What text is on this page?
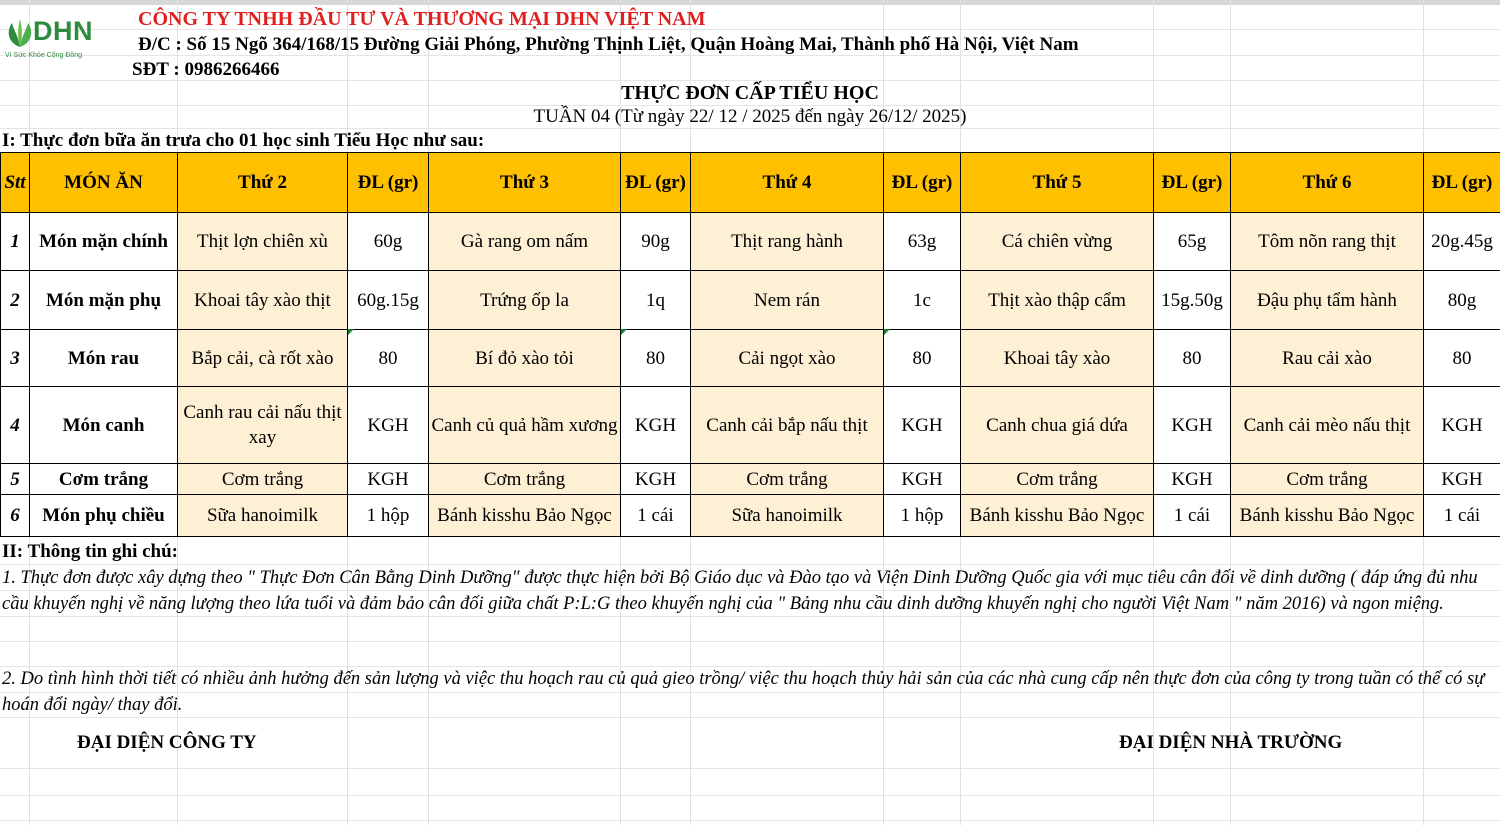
DHN
Vì Sức Khỏe Cộng Đồng
CÔNG TY TNHH ĐẦU TƯ VÀ THƯƠNG MẠI DHN VIỆT NAM
Đ/C : Số 15 Ngõ 364/168/15 Đường Giải Phóng, Phường Thịnh Liệt, Quận Hoàng Mai, Thành phố Hà Nội, Việt Nam
SĐT : 0986266466
THỰC ĐƠN CẤP TIỂU HỌC
TUẦN 04 (Từ ngày 22/ 12 / 2025 đến ngày 26/12/ 2025)
I: Thực đơn bữa ăn trưa cho 01 học sinh Tiểu Học như sau:
Stt	MÓN ĂN	Thứ 2	ĐL (gr)	Thứ 3	ĐL (gr)	Thứ 4	ĐL (gr)	Thứ 5	ĐL (gr)	Thứ 6	ĐL (gr)
1	Món mặn chính	Thịt lợn chiên xù	60g	Gà rang om nấm	90g	Thịt rang hành	63g	Cá chiên vừng	65g	Tôm nõn rang thịt	20g.45g
2	Món mặn phụ	Khoai tây xào thịt	60g.15g	Trứng ốp la	1q	Nem rán	1c	Thịt xào thập cẩm	15g.50g	Đậu phụ tẩm hành	80g
3	Món rau	Bắp cải, cà rốt xào	80	Bí đỏ xào tỏi	80	Cải ngọt xào	80	Khoai tây xào	80	Rau cải xào	80
4	Món canh	Canh rau cải nấu thịt xay	KGH	Canh củ quả hầm xương	KGH	Canh cải bắp nấu thịt	KGH	Canh chua giá dứa	KGH	Canh cải mèo nấu thịt	KGH
5	Cơm trắng	Cơm trắng	KGH	Cơm trắng	KGH	Cơm trắng	KGH	Cơm trắng	KGH	Cơm trắng	KGH
6	Món phụ chiều	Sữa hanoimilk	1 hộp	Bánh kisshu Bảo Ngọc	1 cái	Sữa hanoimilk	1 hộp	Bánh kisshu Bảo Ngọc	1 cái	Bánh kisshu Bảo Ngọc	1 cái
II: Thông tin ghi chú:
1. Thực đơn được xây dựng theo " Thực Đơn Cân Bằng Dinh Dưỡng" được thực hiện bởi Bộ Giáo dục và Đào tạo và Viện Dinh Dưỡng Quốc gia với mục tiêu cân đối về dinh dưỡng ( đáp ứng đủ nhu cầu khuyến nghị về năng lượng theo lứa tuổi và đảm bảo cân đối giữa chất P:L:G theo khuyến nghị của " Bảng nhu cầu dinh dưỡng khuyến nghị cho người Việt Nam " năm 2016) và ngon miệng.
2. Do tình hình thời tiết có nhiều ảnh hưởng đến sản lượng và việc thu hoạch rau củ quả gieo trồng/ việc thu hoạch thủy hải sản của các nhà cung cấp nên thực đơn của công ty trong tuần có thể có sự hoán đổi ngày/ thay đổi.
ĐẠI DIỆN CÔNG TY	ĐẠI DIỆN NHÀ TRƯỜNG
